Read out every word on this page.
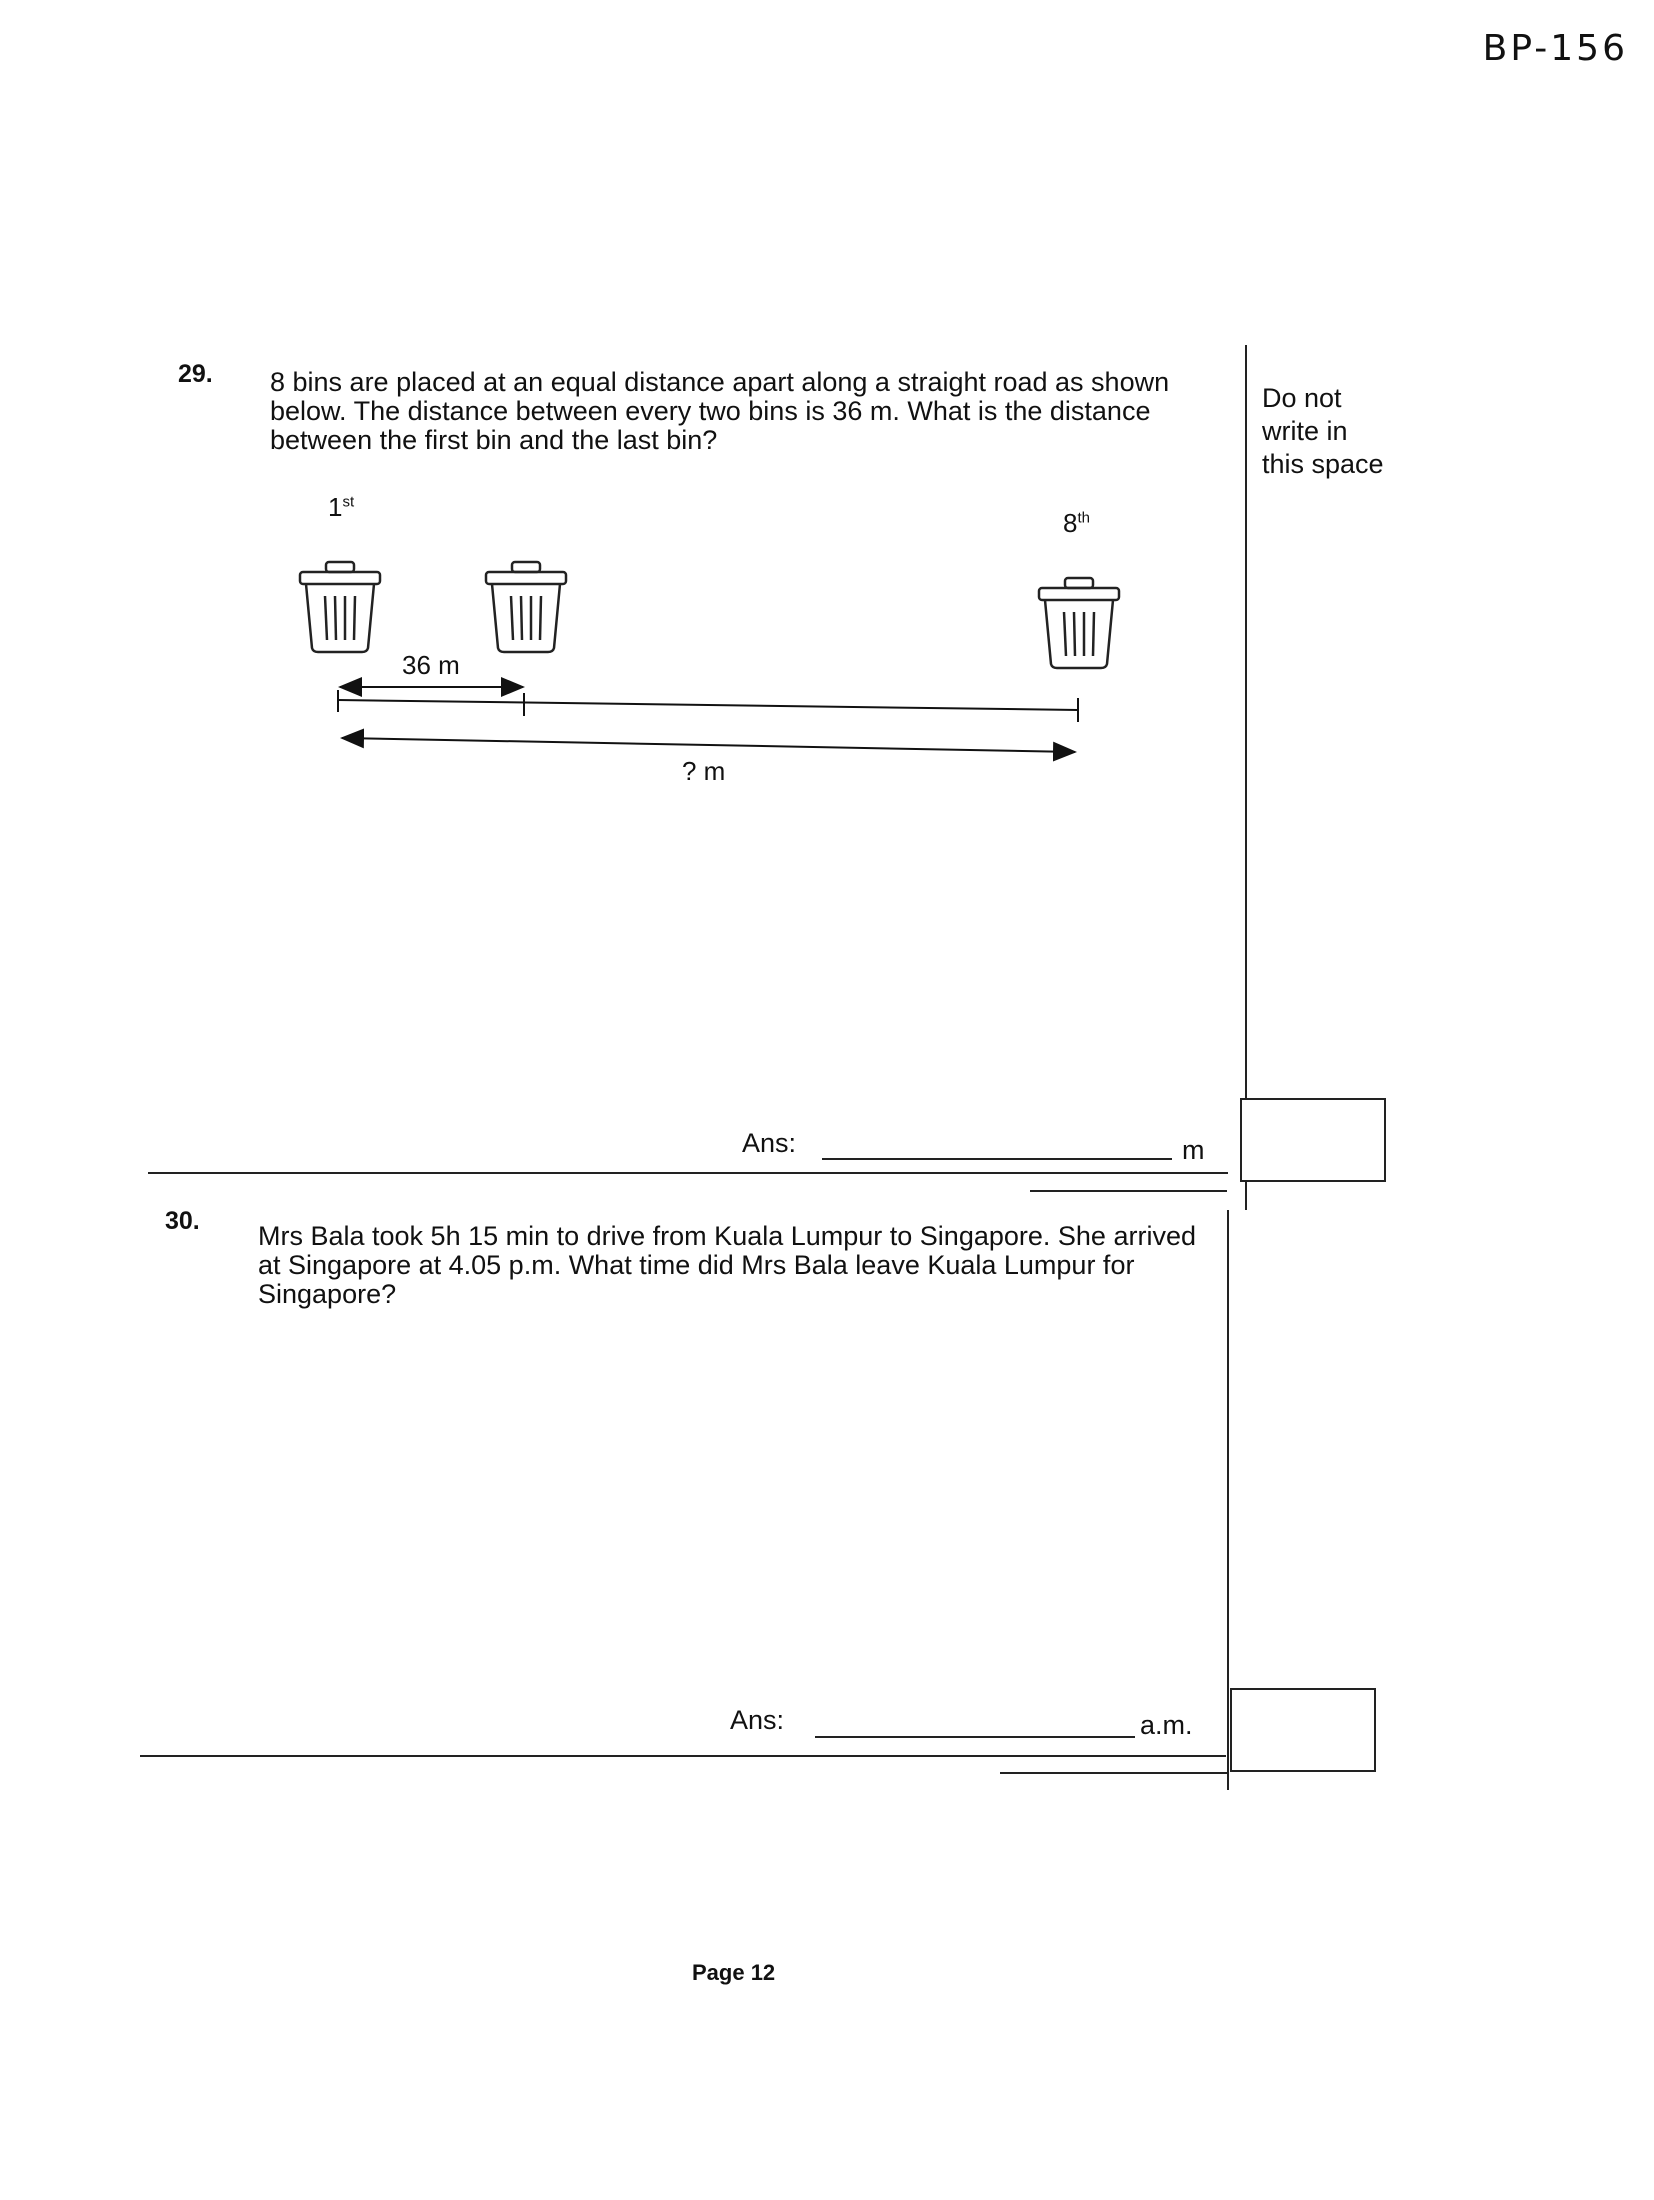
BP-156
Do not
write in
this space
29. 8 bins are placed at an equal distance apart along a straight road as shown below. The distance between every two bins is 36 m. What is the distance between the first bin and the last bin?
1st
8th
36 m
? m
Ans:	m
30. Mrs Bala took 5h 15 min to drive from Kuala Lumpur to Singapore. She arrived at Singapore at 4.05 p.m. What time did Mrs Bala leave Kuala Lumpur for Singapore?
Ans:	a.m.
Page 12
